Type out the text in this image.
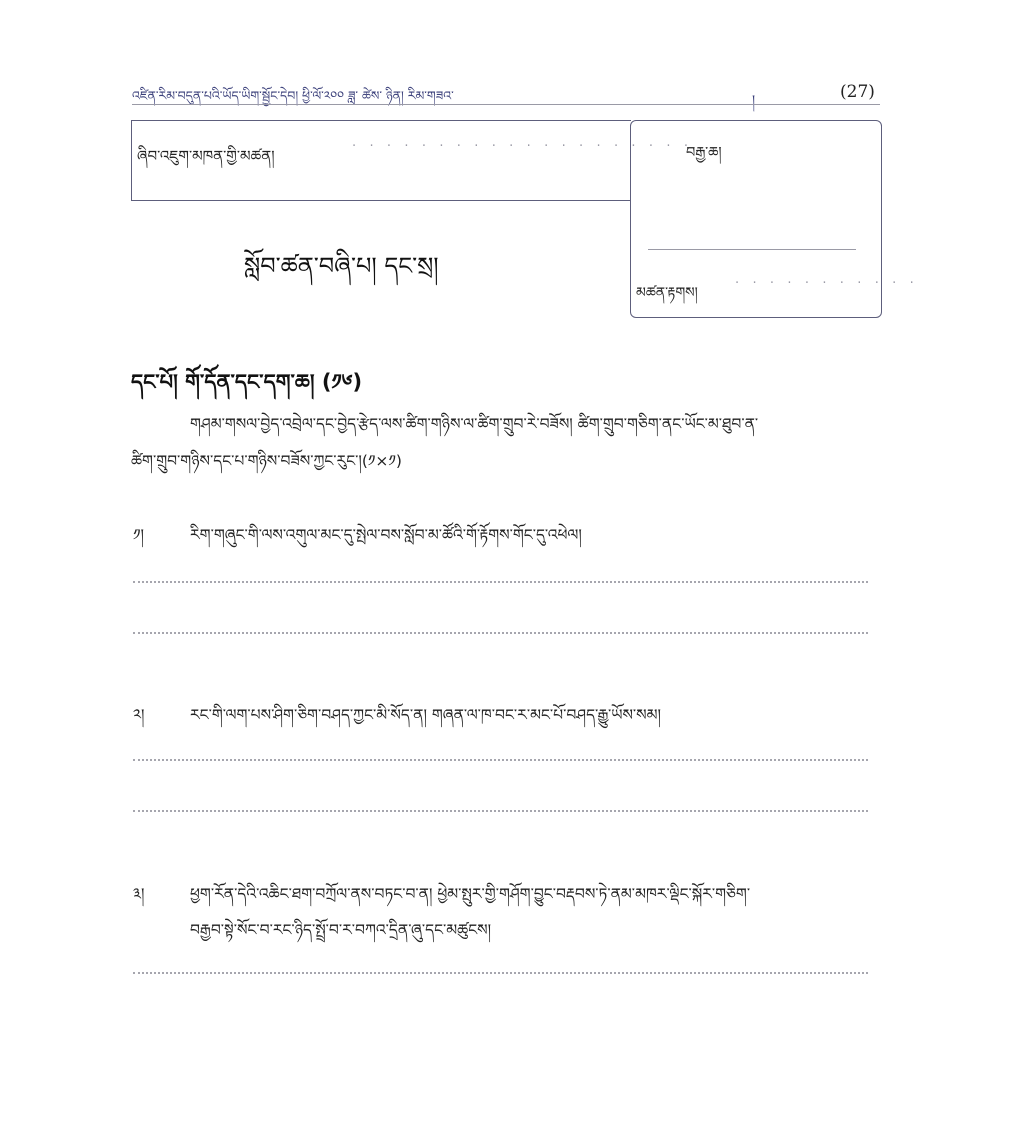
འཛིན་རིམ་བདུན་པའི་ཡོད་ཡིག་སྦྱོང་དེབ། ཕྱི་ལོ་༢༠༠ ཟླ་ ཚེས་ ཉིན། རིམ་གཟའ་	།	(27)
ཞིབ་འཇུག་མཁན་གྱི་མཚན།
· · · · · · · · · · · · · · · · · · · ·
བརྒྱ་ཆ།
མཚན་རྟགས།
· · · · · · · · · · ·
སློབ་ཚན་བཞི་པ། དང་སྲ།
དང་པོ། གོ་དོན་དང་དག་ཆ། (༡༦)
གཤམ་གསལ་བྱེད་འབྲེལ་དང་བྱེད་རྩེད་ལས་ཚིག་གཉིས་ལ་ཚིག་གྲུབ་རེ་བཟོས། ཚིག་གྲུབ་གཅིག་ནང་ཡོང་མ་ཐུབ་ན་
ཚིག་གྲུབ་གཉིས་དང་པ་གཉིས་བཟོས་ཀྱང་རུང་།(༡×༡)
༡།	རིག་གཞུང་གི་ལས་འགུལ་མང་དུ་སྤེལ་བས་སློབ་མ་ཚོའི་གོ་རྟོགས་གོང་དུ་འཕེལ།
༢།	རང་གི་ལག་པས་ཤིག་ཅིག་བཤད་ཀྱང་མི་སོད་ན། གཞན་ལ་ཁ་བང་ར་མང་པོ་བཤད་རྒྱུ་ཡོས་སམ།
༣།	ཕྱག་རོན་དེའི་འཆིང་ཐག་བཀྲོལ་ནས་བཏང་བ་ན། ཕྱེམ་སྤུར་གྱི་གཤོག་བྱུང་བརྡབས་ཏེ་ནམ་མཁར་ལྡིང་སྐོར་གཅིག་
བརྒྱབ་སྟེ་སོང་བ་རང་ཉིད་སྤྲོ་བ་ར་བཀའ་དྲིན་ཞུ་དང་མཚུངས།
